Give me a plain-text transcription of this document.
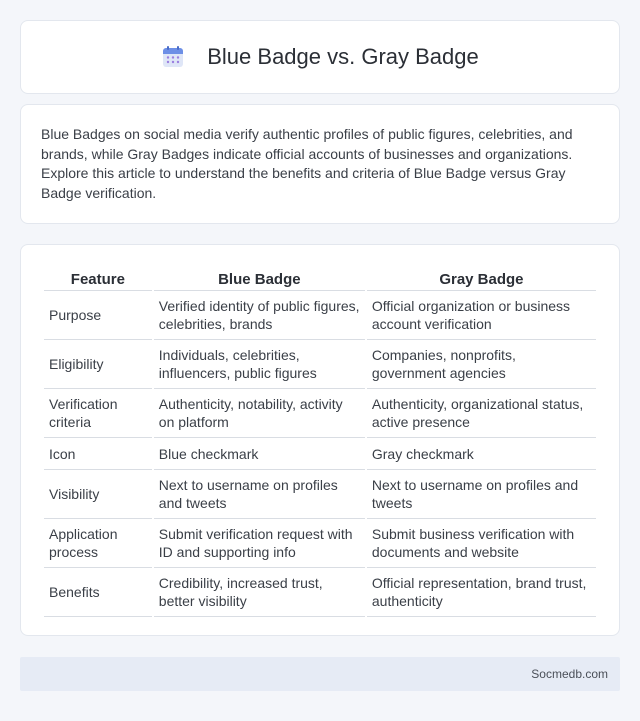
Blue Badge vs. Gray Badge

Blue Badges on social media verify authentic profiles of public figures, celebrities, and brands, while Gray Badges indicate official accounts of businesses and organizations. Explore this article to understand the benefits and criteria of Blue Badge versus Gray Badge verification.

Feature	Blue Badge	Gray Badge
Purpose	Verified identity of public figures, celebrities, brands	Official organization or business account verification
Eligibility	Individuals, celebrities, influencers, public figures	Companies, nonprofits, government agencies
Verification criteria	Authenticity, notability, activity on platform	Authenticity, organizational status, active presence
Icon	Blue checkmark	Gray checkmark
Visibility	Next to username on profiles and tweets	Next to username on profiles and tweets
Application process	Submit verification request with ID and supporting info	Submit business verification with documents and website
Benefits	Credibility, increased trust, better visibility	Official representation, brand trust, authenticity
Socmedb.com
